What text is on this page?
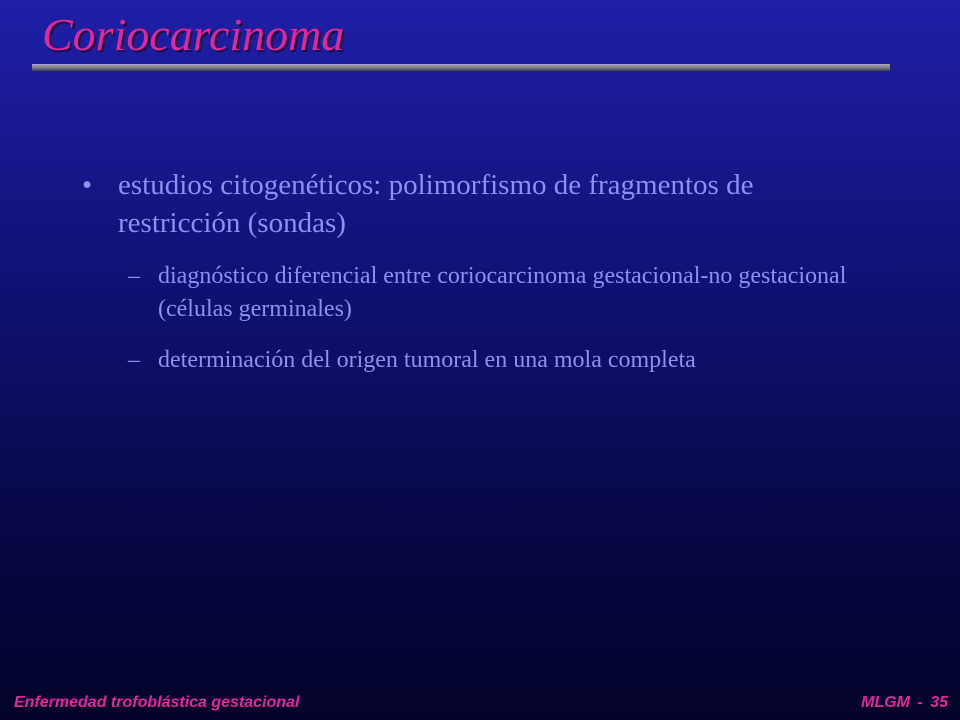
Coriocarcinoma
• estudios citogenéticos: polimorfismo de fragmentos de restricción (sondas)
– diagnóstico diferencial entre coriocarcinoma gestacional-no gestacional (células germinales)
– determinación del origen tumoral en una mola completa
Enfermedad trofoblástica gestacional	MLGM - 35
